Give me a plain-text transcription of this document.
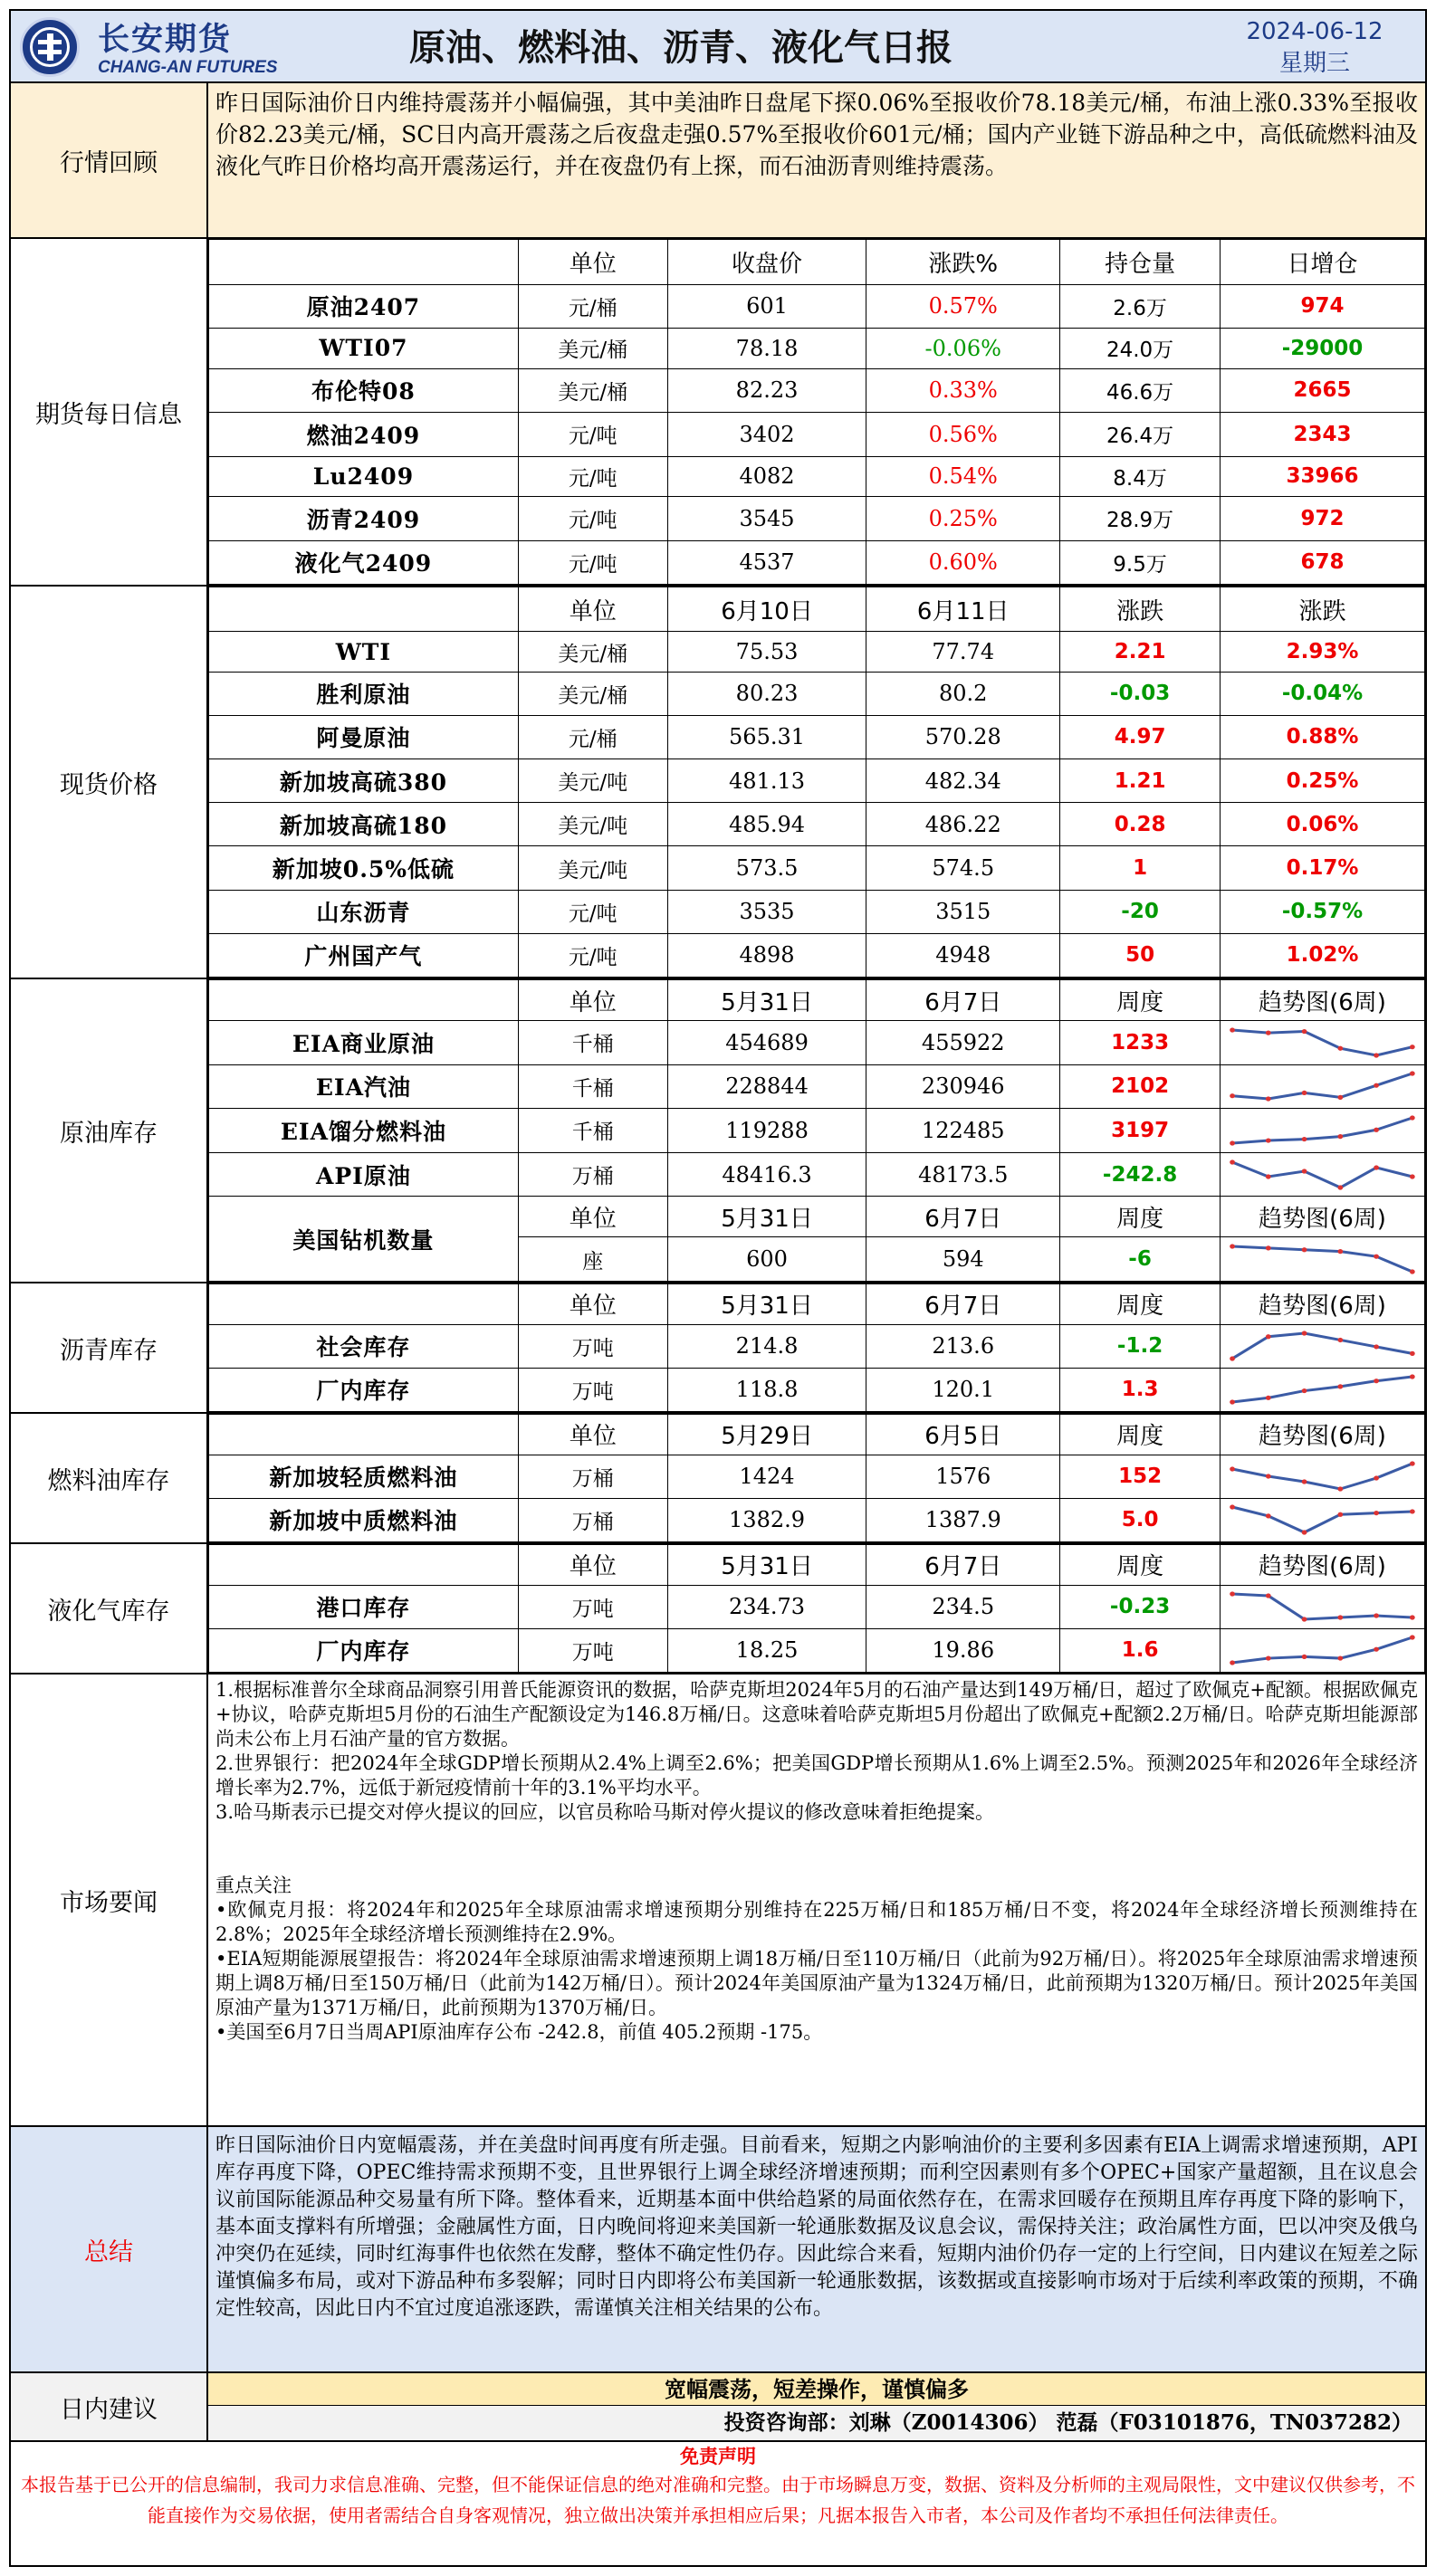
长安期货
CHANG-AN FUTURES	原油、燃料油、沥青、液化气日报	2024-06-12
星期三
行情回顾
昨日国际油价日内维持震荡并小幅偏强，其中美油昨日盘尾下探0.06%至报收价78.18美元/桶，布油上涨0.33%至报收价82.23美元/桶，SC日内高开震荡之后夜盘走强0.57%至报收价601元/桶；国内产业链下游品种之中，高低硫燃料油及液化气昨日价格均高开震荡运行，并在夜盘仍有上探，而石油沥青则维持震荡。
期货每日信息
	单位	收盘价	涨跌%	持仓量	日增仓
原油2407	元/桶	601	0.57%	2.6万	974
WTI07	美元/桶	78.18	-0.06%	24.0万	-29000
布伦特08	美元/桶	82.23	0.33%	46.6万	2665
燃油2409	元/吨	3402	0.56%	26.4万	2343
Lu2409	元/吨	4082	0.54%	8.4万	33966
沥青2409	元/吨	3545	0.25%	28.9万	972
液化气2409	元/吨	4537	0.60%	9.5万	678
现货价格
	单位	6月10日	6月11日	涨跌	涨跌
WTI	美元/桶	75.53	77.74	2.21	2.93%
胜利原油	美元/桶	80.23	80.2	-0.03	-0.04%
阿曼原油	元/桶	565.31	570.28	4.97	0.88%
新加坡高硫380	美元/吨	481.13	482.34	1.21	0.25%
新加坡高硫180	美元/吨	485.94	486.22	0.28	0.06%
新加坡0.5%低硫	美元/吨	573.5	574.5	1	0.17%
山东沥青	元/吨	3535	3515	-20	-0.57%
广州国产气	元/吨	4898	4948	50	1.02%
原油库存
	单位	5月31日	6月7日	周度	趋势图(6周)
EIA商业原油	千桶	454689	455922	1233	

EIA汽油	千桶	228844	230946	2102	

EIA馏分燃料油	千桶	119288	122485	3197	

API原油	万桶	48416.3	48173.5	-242.8	

美国钻机数量	单位	5月31日	6月7日	周度	趋势图(6周)
	座	600	594	-6	
沥青库存
	单位	5月31日	6月7日	周度	趋势图(6周)
社会库存	万吨	214.8	213.6	-1.2	

厂内库存	万吨	118.8	120.1	1.3	
燃料油库存
	单位	5月29日	6月5日	周度	趋势图(6周)
新加坡轻质燃料油	万桶	1424	1576	152	

新加坡中质燃料油	万桶	1382.9	1387.9	5.0	
液化气库存
	单位	5月31日	6月7日	周度	趋势图(6周)
港口库存	万吨	234.73	234.5	-0.23	

厂内库存	万吨	18.25	19.86	1.6	
市场要闻
1.根据标准普尔全球商品洞察引用普氏能源资讯的数据，哈萨克斯坦2024年5月的石油产量达到149万桶/日，超过了欧佩克+配额。根据欧佩克+协议，哈萨克斯坦5月份的石油生产配额设定为146.8万桶/日。这意味着哈萨克斯坦5月份超出了欧佩克+配额2.2万桶/日。哈萨克斯坦能源部尚未公布上月石油产量的官方数据。
2.世界银行：把2024年全球GDP增长预期从2.4%上调至2.6%；把美国GDP增长预期从1.6%上调至2.5%。预测2025年和2026年全球经济增长率为2.7%，远低于新冠疫情前十年的3.1%平均水平。
3.哈马斯表示已提交对停火提议的回应，以官员称哈马斯对停火提议的修改意味着拒绝提案。
重点关注
•欧佩克月报：将2024年和2025年全球原油需求增速预期分别维持在225万桶/日和185万桶/日不变，将2024年全球经济增长预测维持在2.8%；2025年全球经济增长预测维持在2.9%。
•EIA短期能源展望报告：将2024年全球原油需求增速预期上调18万桶/日至110万桶/日（此前为92万桶/日）。将2025年全球原油需求增速预期上调8万桶/日至150万桶/日（此前为142万桶/日）。预计2024年美国原油产量为1324万桶/日，此前预期为1320万桶/日。预计2025年美国原油产量为1371万桶/日，此前预期为1370万桶/日。
•美国至6月7日当周API原油库存公布 -242.8，前值 405.2预期 -175。
总结
昨日国际油价日内宽幅震荡，并在美盘时间再度有所走强。目前看来，短期之内影响油价的主要利多因素有EIA上调需求增速预期，API库存再度下降，OPEC维持需求预期不变，且世界银行上调全球经济增速预期；而利空因素则有多个OPEC+国家产量超额，且在议息会议前国际能源品种交易量有所下降。整体看来，近期基本面中供给趋紧的局面依然存在，在需求回暖存在预期且库存再度下降的影响下，基本面支撑料有所增强；金融属性方面，日内晚间将迎来美国新一轮通胀数据及议息会议，需保持关注；政治属性方面，巴以冲突及俄乌冲突仍在延续，同时红海事件也依然在发酵，整体不确定性仍存。因此综合来看，短期内油价仍存一定的上行空间，日内建议在短差之际谨慎偏多布局，或对下游品种布多裂解；同时日内即将公布美国新一轮通胀数据，该数据或直接影响市场对于后续利率政策的预期，不确定性较高，因此日内不宜过度追涨逐跌，需谨慎关注相关结果的公布。
日内建议
宽幅震荡，短差操作，谨慎偏多
投资咨询部：刘琳（Z0014306） 范磊（F03101876，TN037282）
免责声明
本报告基于已公开的信息编制，我司力求信息准确、完整，但不能保证信息的绝对准确和完整。由于市场瞬息万变，数据、资料及分析师的主观局限性，文中建议仅供参考，不能直接作为交易依据，使用者需结合自身客观情况，独立做出决策并承担相应后果；凡据本报告入市者，本公司及作者均不承担任何法律责任。
